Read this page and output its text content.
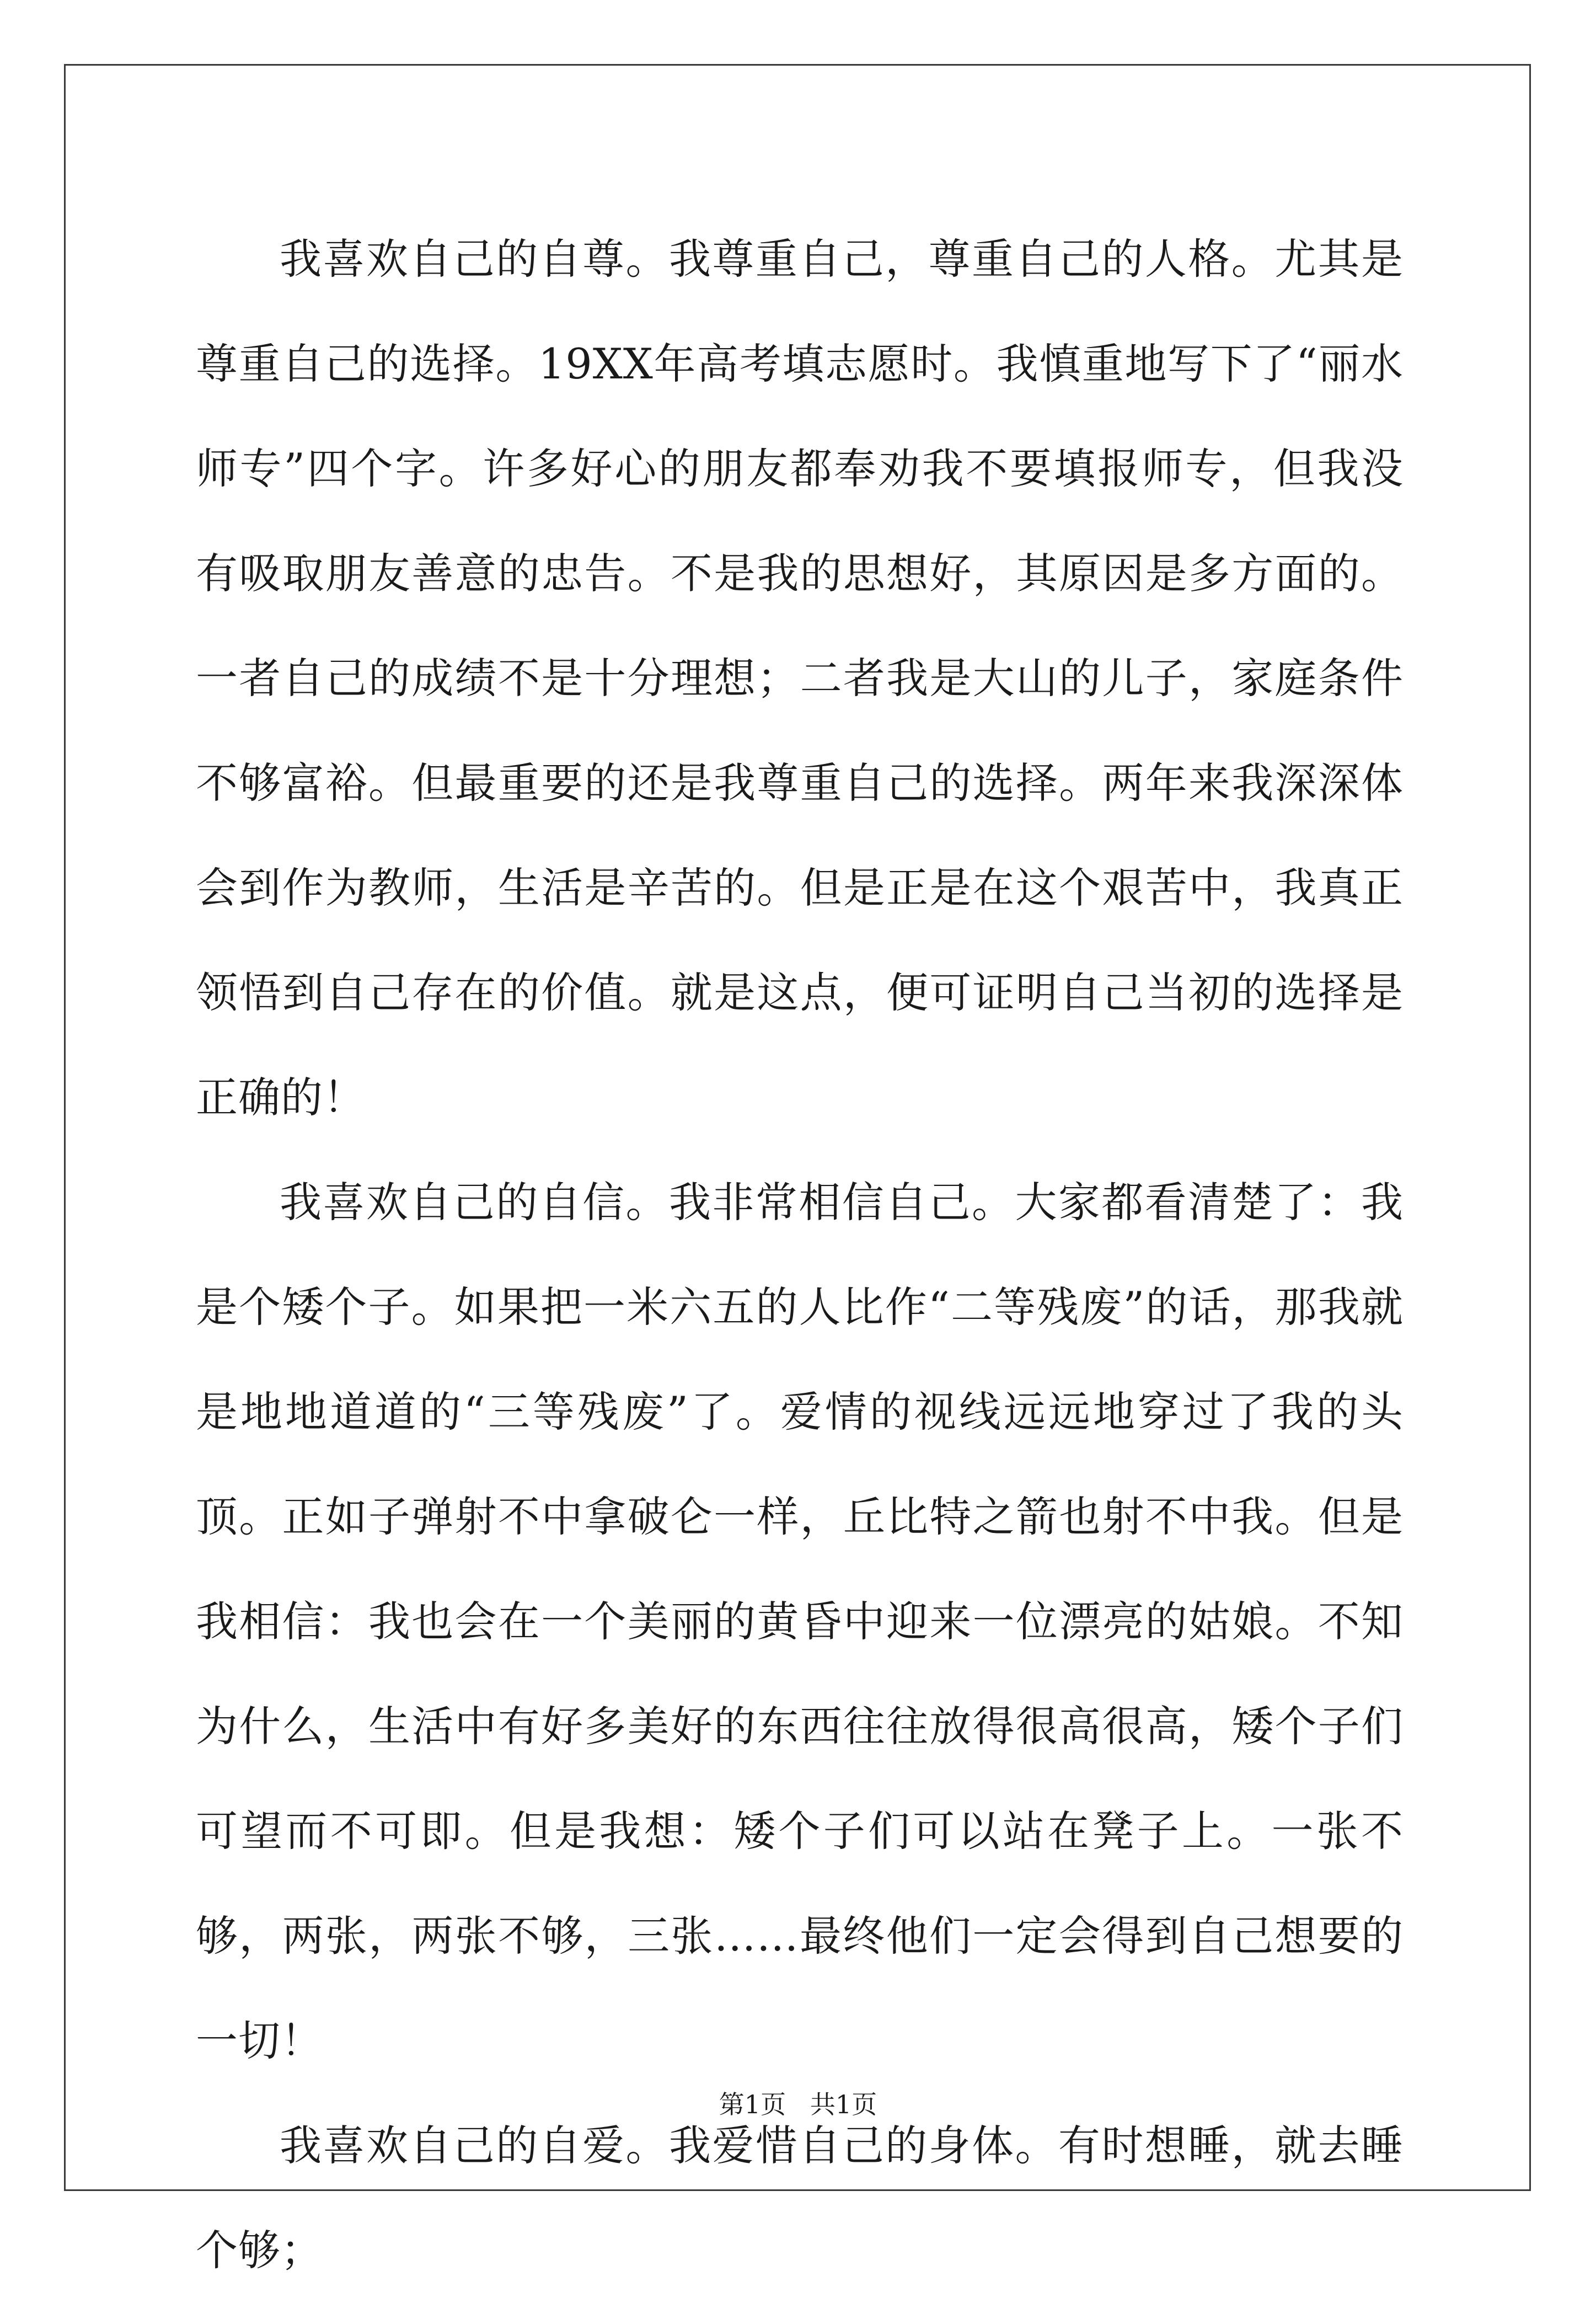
我喜欢自己的自尊。我尊重自己，尊重自己的人格。尤其是尊重自己的选择。19XX年高考填志愿时。我慎重地写下了“丽水师专”四个字。许多好心的朋友都奉劝我不要填报师专，但我没有吸取朋友善意的忠告。不是我的思想好，其原因是多方面的。一者自己的成绩不是十分理想；二者我是大山的儿子，家庭条件不够富裕。但最重要的还是我尊重自己的选择。两年来我深深体会到作为教师，生活是辛苦的。但是正是在这个艰苦中，我真正领悟到自己存在的价值。就是这点，便可证明自己当初的选择是正确的！

我喜欢自己的自信。我非常相信自己。大家都看清楚了：我是个矮个子。如果把一米六五的人比作“二等残废”的话，那我就是地地道道的“三等残废”了。爱情的视线远远地穿过了我的头顶。正如子弹射不中拿破仑一样，丘比特之箭也射不中我。但是我相信：我也会在一个美丽的黄昏中迎来一位漂亮的姑娘。不知为什么，生活中有好多美好的东西往往放得很高很高，矮个子们可望而不可即。但是我想：矮个子们可以站在凳子上。一张不够，两张，两张不够，三张……最终他们一定会得到自己想要的一切！

我喜欢自己的自爱。我爱惜自己的身体。有时想睡，就去睡个够；

第1页   共1页
